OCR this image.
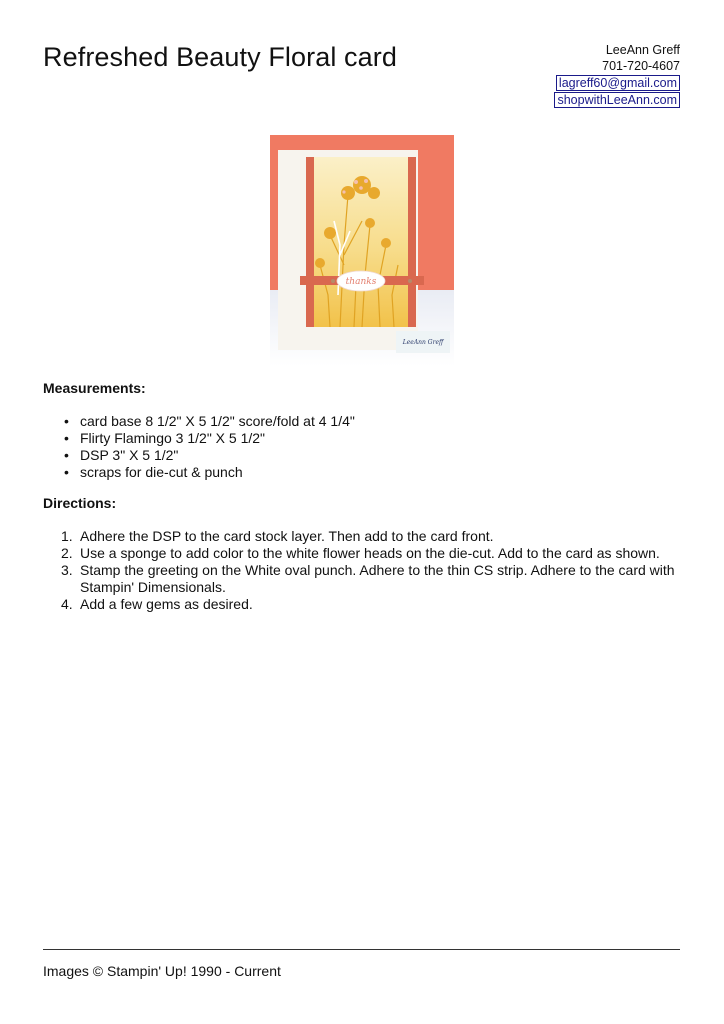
Refreshed Beauty Floral card	LeeAnn Greff
701-720-4607
lagreff60@gmail.com
shopwithLeeAnn.com
thanks
LeeAnn Greff
Measurements:
• card base 8 1/2" X 5 1/2" score/fold at 4 1/4"
• Flirty Flamingo 3 1/2" X 5 1/2"
• DSP 3" X 5 1/2"
• scraps for die-cut & punch
Directions:
1. Adhere the DSP to the card stock layer. Then add to the card front.
2. Use a sponge to add color to the white flower heads on the die-cut. Add to the card as shown.
3. Stamp the greeting on the White oval punch. Adhere to the thin CS strip. Adhere to the card with Stampin' Dimensionals.
4. Add a few gems as desired.
Images © Stampin' Up! 1990 - Current
